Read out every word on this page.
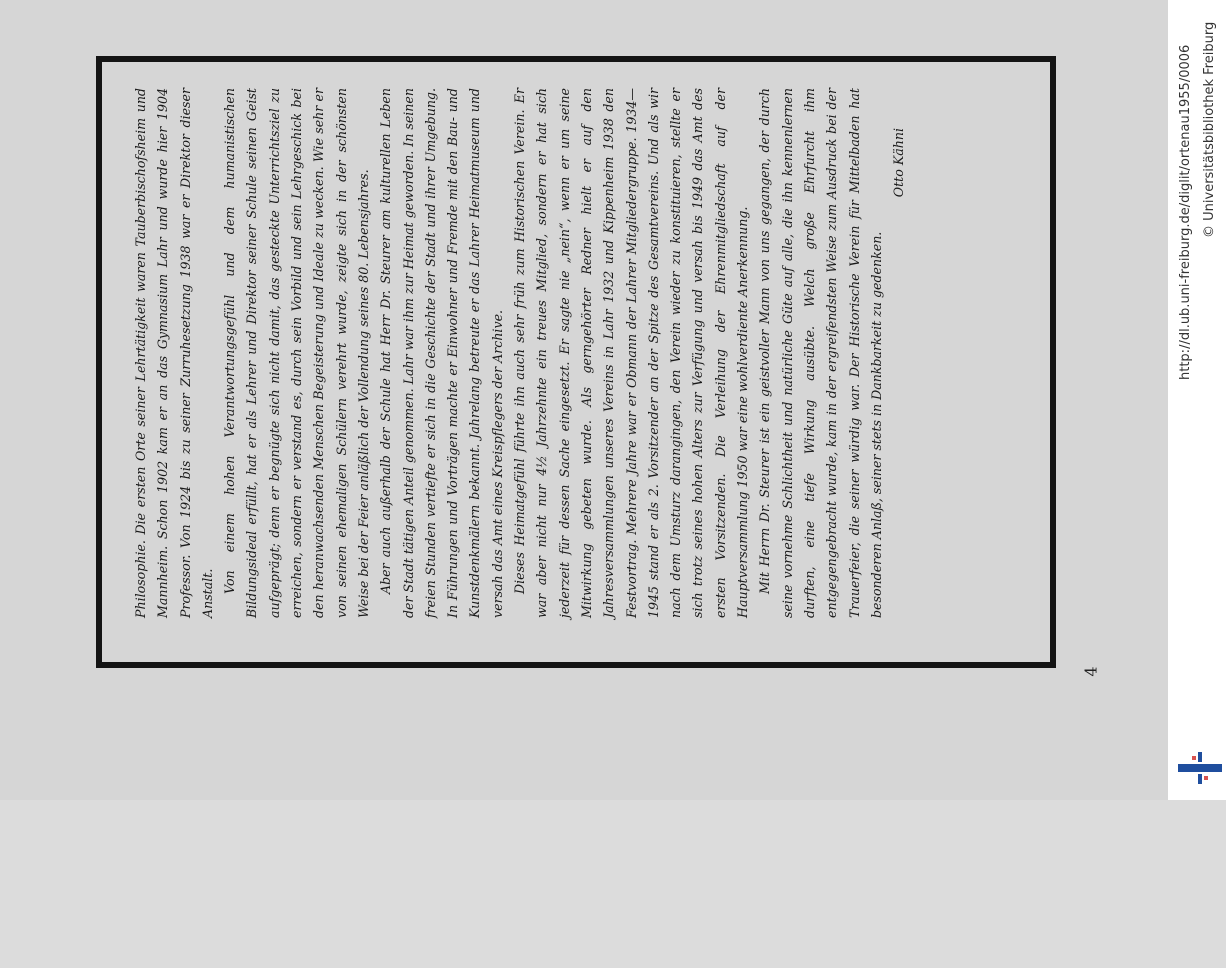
Philosophie. Die ersten Orte seiner Lehrtätigkeit waren Tauberbischofsheim und Mannheim. Schon 1902 kam er an das Gymnasium Lahr und wurde hier 1904 Professor. Von 1924 bis zu seiner Zurruhesetzung 1938 war er Direktor dieser Anstalt. Von einem hohen Verantwortungsgefühl und dem humanistischen Bildungsideal erfüllt, hat er als Lehrer und Direktor seiner Schule seinen Geist aufgeprägt; denn er begnügte sich nicht damit, das gesteckte Unterrichtsziel zu erreichen, sondern er verstand es, durch sein Vorbild und sein Lehrgeschick bei den heranwachsenden Menschen Begeisterung und Ideale zu wecken. Wie sehr er von seinen ehemaligen Schülern verehrt wurde, zeigte sich in der schönsten Weise bei der Feier anläßlich der Vollendung seines 80. Lebensjahres. Aber auch außerhalb der Schule hat Herr Dr. Steurer am kulturellen Leben der Stadt tätigen Anteil genommen. Lahr war ihm zur Heimat geworden. In seinen freien Stunden vertiefte er sich in die Geschichte der Stadt und ihrer Umgebung. In Führungen und Vorträgen machte er Einwohner und Fremde mit den Bau- und Kunstdenkmälern bekannt. Jahrelang betreute er das Lahrer Heimatmuseum und versah das Amt eines Kreispflegers der Archive. Dieses Heimatgefühl führte ihn auch sehr früh zum Historischen Verein. Er war aber nicht nur 4½ Jahrzehnte ein treues Mitglied, sondern er hat sich jederzeit für dessen Sache eingesetzt. Er sagte nie „nein“, wenn er um seine Mitwirkung gebeten wurde. Als gerngehörter Redner hielt er auf den Jahresversammlungen unseres Vereins in Lahr 1932 und Kippenheim 1938 den Festvortrag. Mehrere Jahre war er Obmann der Lahrer Mitgliedergruppe. 1934—1945 stand er als 2. Vorsitzender an der Spitze des Gesamtvereins. Und als wir nach dem Umsturz darangingen, den Verein wieder zu konstituieren, stellte er sich trotz seines hohen Alters zur Verfügung und versah bis 1949 das Amt des ersten Vorsitzenden. Die Verleihung der Ehrenmitgliedschaft auf der Hauptversammlung 1950 war eine wohlverdiente Anerkennung. Mit Herrn Dr. Steurer ist ein geistvoller Mann von uns gegangen, der durch seine vornehme Schlichtheit und natürliche Güte auf alle, die ihn kennenlernen durften, eine tiefe Wirkung ausübte. Welch große Ehrfurcht ihm entgegengebracht wurde, kam in der ergreifendsten Weise zum Ausdruck bei der Trauerfeier, die seiner würdig war. Der Historische Verein für Mittelbaden hat besonderen Anlaß, seiner stets in Dankbarkeit zu gedenken.

Otto Kähni

4
http://dl.ub.uni-freiburg.de/diglit/ortenau1955/0006 © Universitätsbibliothek Freiburg
